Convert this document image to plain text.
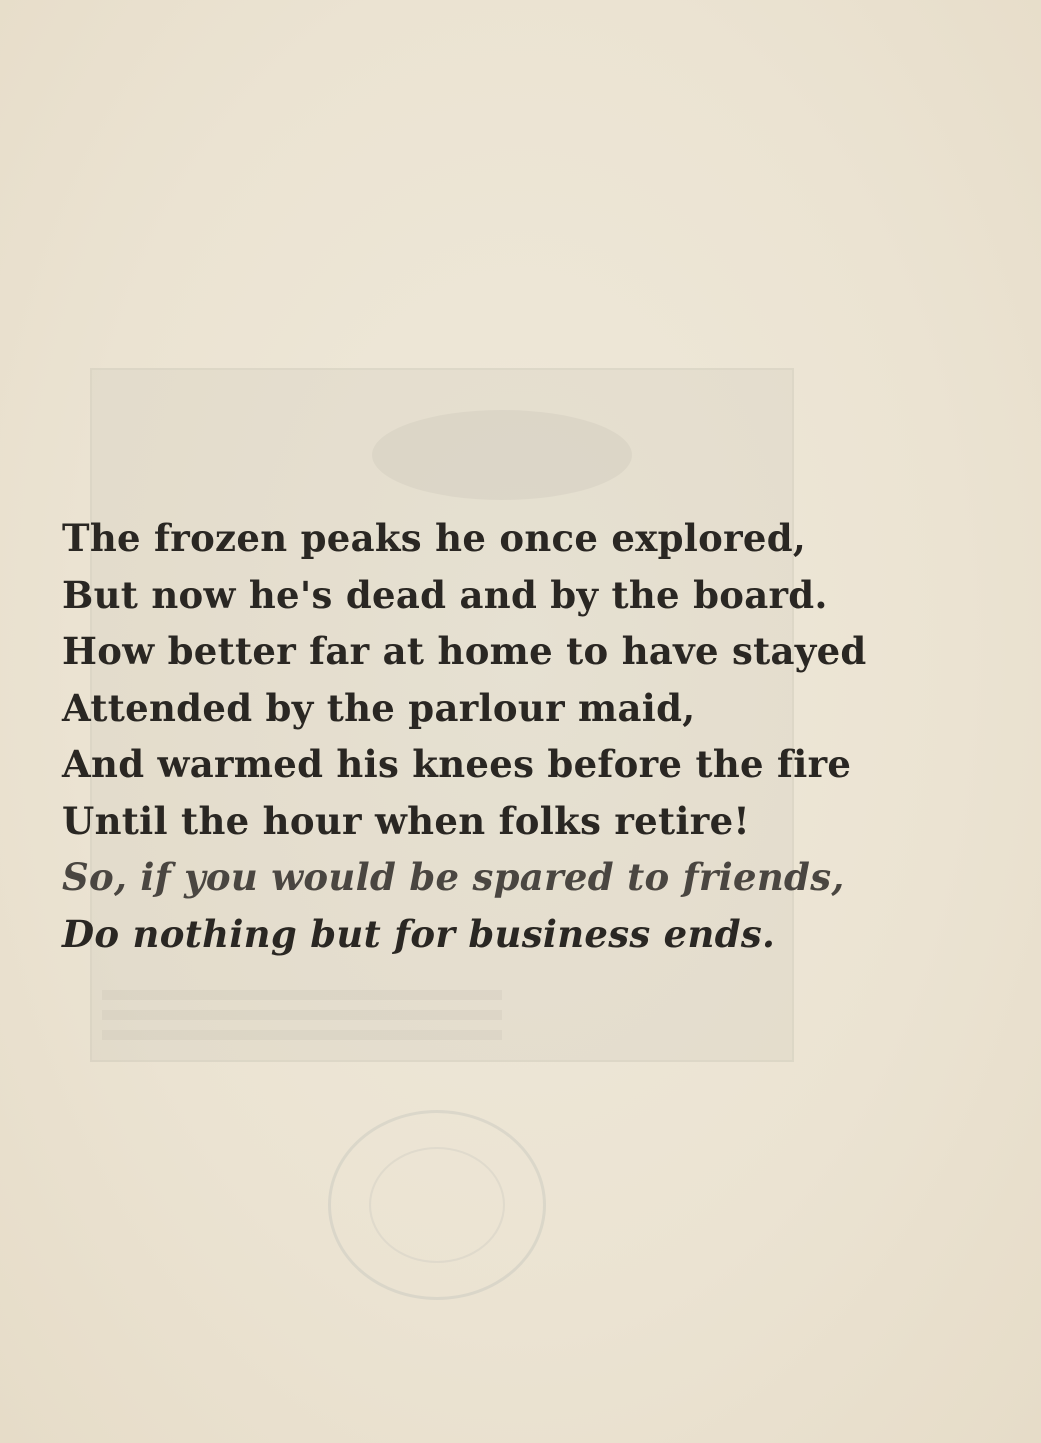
The frozen peaks he once explored,
But now he's dead and by the board.
How better far at home to have stayed
Attended by the parlour maid,
And warmed his knees before the fire
Until the hour when folks retire!
So, if you would be spared to friends,
Do nothing but for business ends.
